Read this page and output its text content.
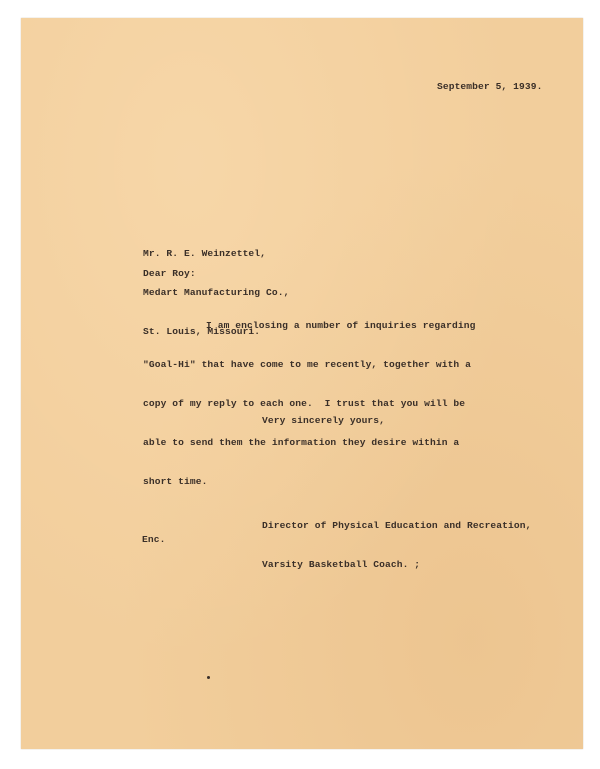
September 5, 1939.

Mr. R. E. Weinzettel,

Medart Manufacturing Co.,

St. Louis, Missouri.

Dear Roy:

I am enclosing a number of inquiries regarding

"Goal-Hi" that have come to me recently, together with a

copy of my reply to each one.  I trust that you will be

able to send them the information they desire within a

short time.

Very sincerely yours,

Director of Physical Education and Recreation,

Varsity Basketball Coach. ;

Enc.
